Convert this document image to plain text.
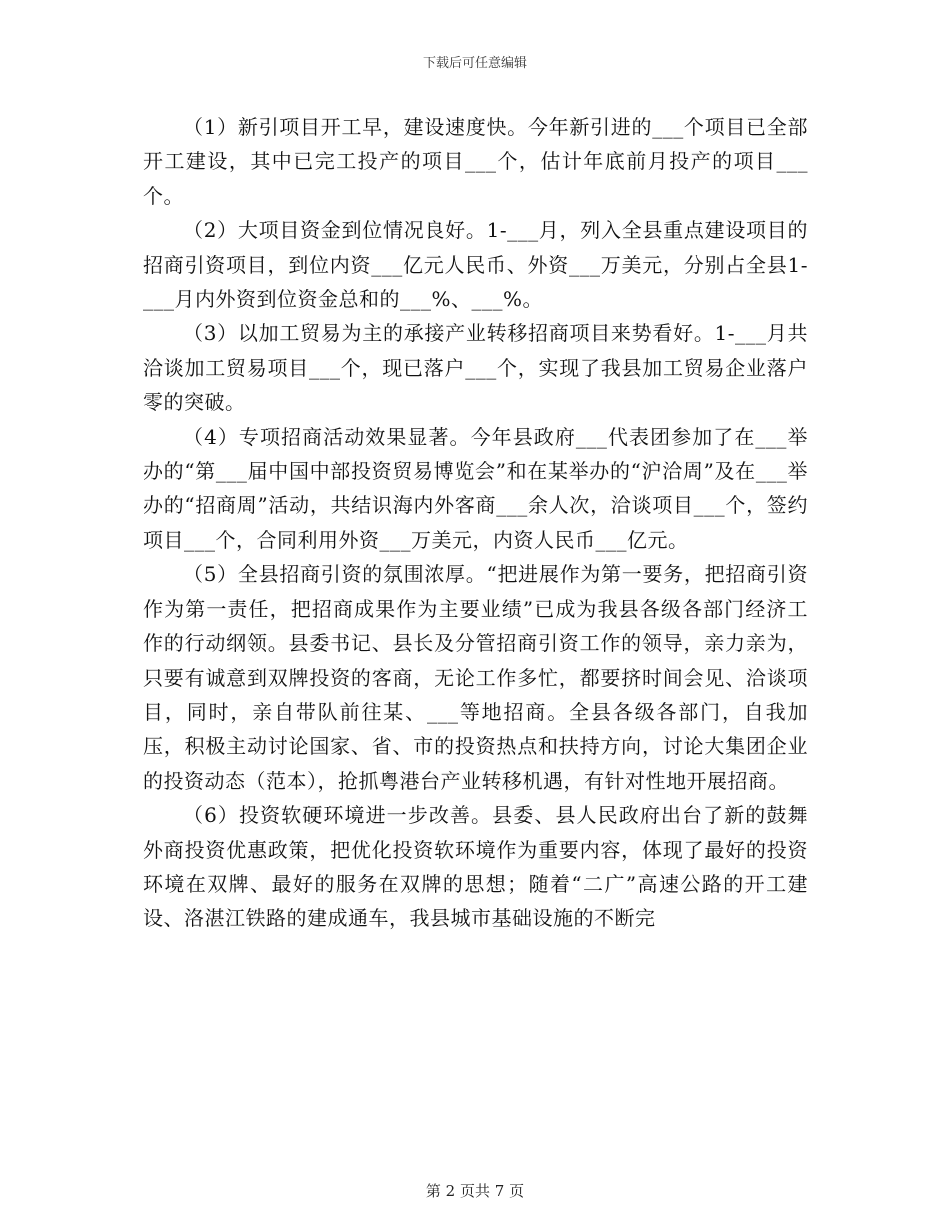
下载后可任意编辑

（1）新引项目开工早，建设速度快。今年新引进的___个项目已全部开工建设，其中已完工投产的项目___个，估计年底前月投产的项目___个。

（2）大项目资金到位情况良好。1-___月，列入全县重点建设项目的招商引资项目，到位内资___亿元人民币、外资___万美元，分别占全县1-___月内外资到位资金总和的___%、___%。

（3）以加工贸易为主的承接产业转移招商项目来势看好。1-___月共洽谈加工贸易项目___个，现已落户___个，实现了我县加工贸易企业落户零的突破。

（4）专项招商活动效果显著。今年县政府___代表团参加了在___举办的“第___届中国中部投资贸易博览会”和在某举办的“沪洽周”及在___举办的“招商周”活动，共结识海内外客商___余人次，洽谈项目___个，签约项目___个，合同利用外资___万美元，内资人民币___亿元。

（5）全县招商引资的氛围浓厚。“把进展作为第一要务，把招商引资作为第一责任，把招商成果作为主要业绩”已成为我县各级各部门经济工作的行动纲领。县委书记、县长及分管招商引资工作的领导，亲力亲为，只要有诚意到双牌投资的客商，无论工作多忙，都要挤时间会见、洽谈项目，同时，亲自带队前往某、___等地招商。全县各级各部门，自我加压，积极主动讨论国家、省、市的投资热点和扶持方向，讨论大集团企业的投资动态（范本），抢抓粤港台产业转移机遇，有针对性地开展招商。

（6）投资软硬环境进一步改善。县委、县人民政府出台了新的鼓舞外商投资优惠政策，把优化投资软环境作为重要内容，体现了最好的投资环境在双牌、最好的服务在双牌的思想；随着“二广”高速公路的开工建设、洛湛江铁路的建成通车，我县城市基础设施的不断完

第 2 页共 7 页
